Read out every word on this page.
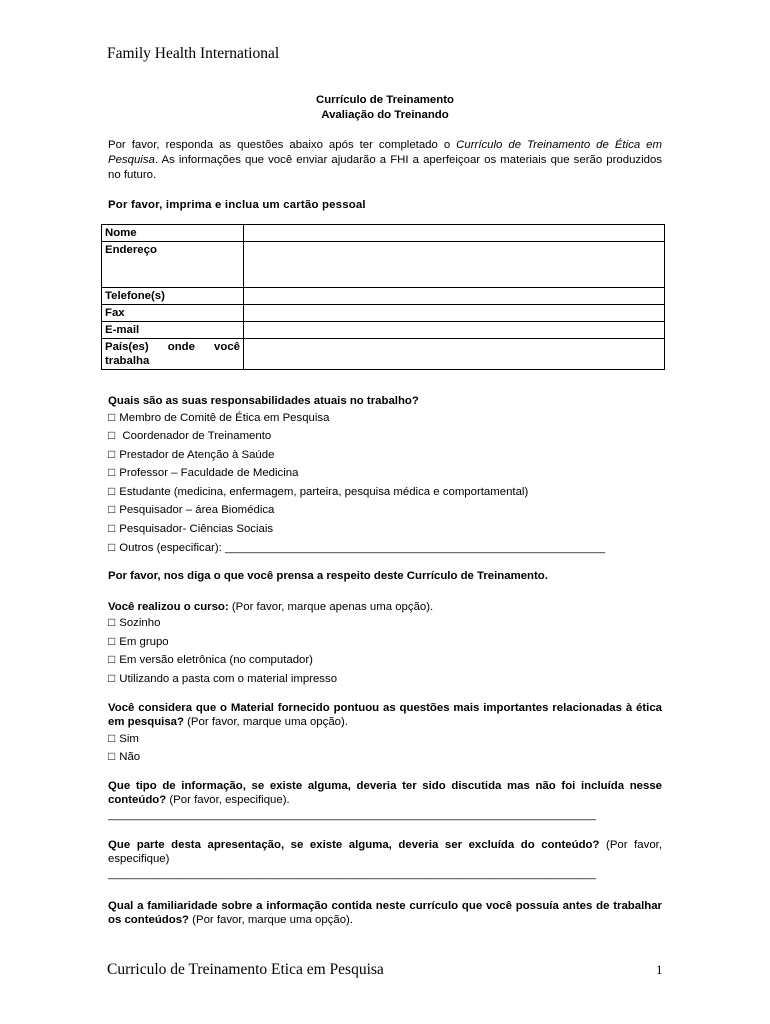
Family Health International
Currículo de Treinamento
Avaliação do Treinando

Por favor, responda as questões abaixo após ter completado o Currículo de Treinamento de Ética em Pesquisa. As informações que você enviar ajudarão a FHI a aperfeiçoar os materiais que serão produzidos no futuro.

Por favor, imprima e inclua um cartão pessoal

Nome	
Endereço	
Telefone(s)	
Fax	
E-mail	
País(es)    onde    você trabalha	

Quais são as suas responsabilidades atuais no trabalho?

□ Membro de Comitê de Ética em Pesquisa
□ Coordenador de Treinamento
□ Prestador de Atenção à Saúde
□ Professor – Faculdade de Medicina
□ Estudante (medicina, enfermagem, parteira, pesquisa médica e comportamental)
□ Pesquisador – área Biomédica
□ Pesquisador- Ciências Sociais
□ Outros (especificar): ____________________________________________________________

Por favor, nos diga o que você prensa a respeito deste Currículo de Treinamento.

Você realizou o curso: (Por favor, marque apenas uma opção).

□ Sozinho
□ Em grupo
□ Em versão eletrônica (no computador)
□ Utilizando a pasta com o material impresso

Você considera que o Material fornecido pontuou as questões mais importantes relacionadas à ética em pesquisa? (Por favor, marque uma opção).

□ Sim
□ Não

Que tipo de informação, se existe alguma, deveria ter sido discutida mas não foi incluída nesse conteúdo? (Por favor, especifique).

_____________________________________________________________________________

Que parte desta apresentação, se existe alguma, deveria ser excluída do conteúdo? (Por favor, especifique)

_____________________________________________________________________________

Qual a familiaridade sobre a informação contida neste currículo que você possuía antes de trabalhar os conteúdos? (Por favor, marque uma opção).

Curriculo de Treinamento Etica em Pesquisa	1
